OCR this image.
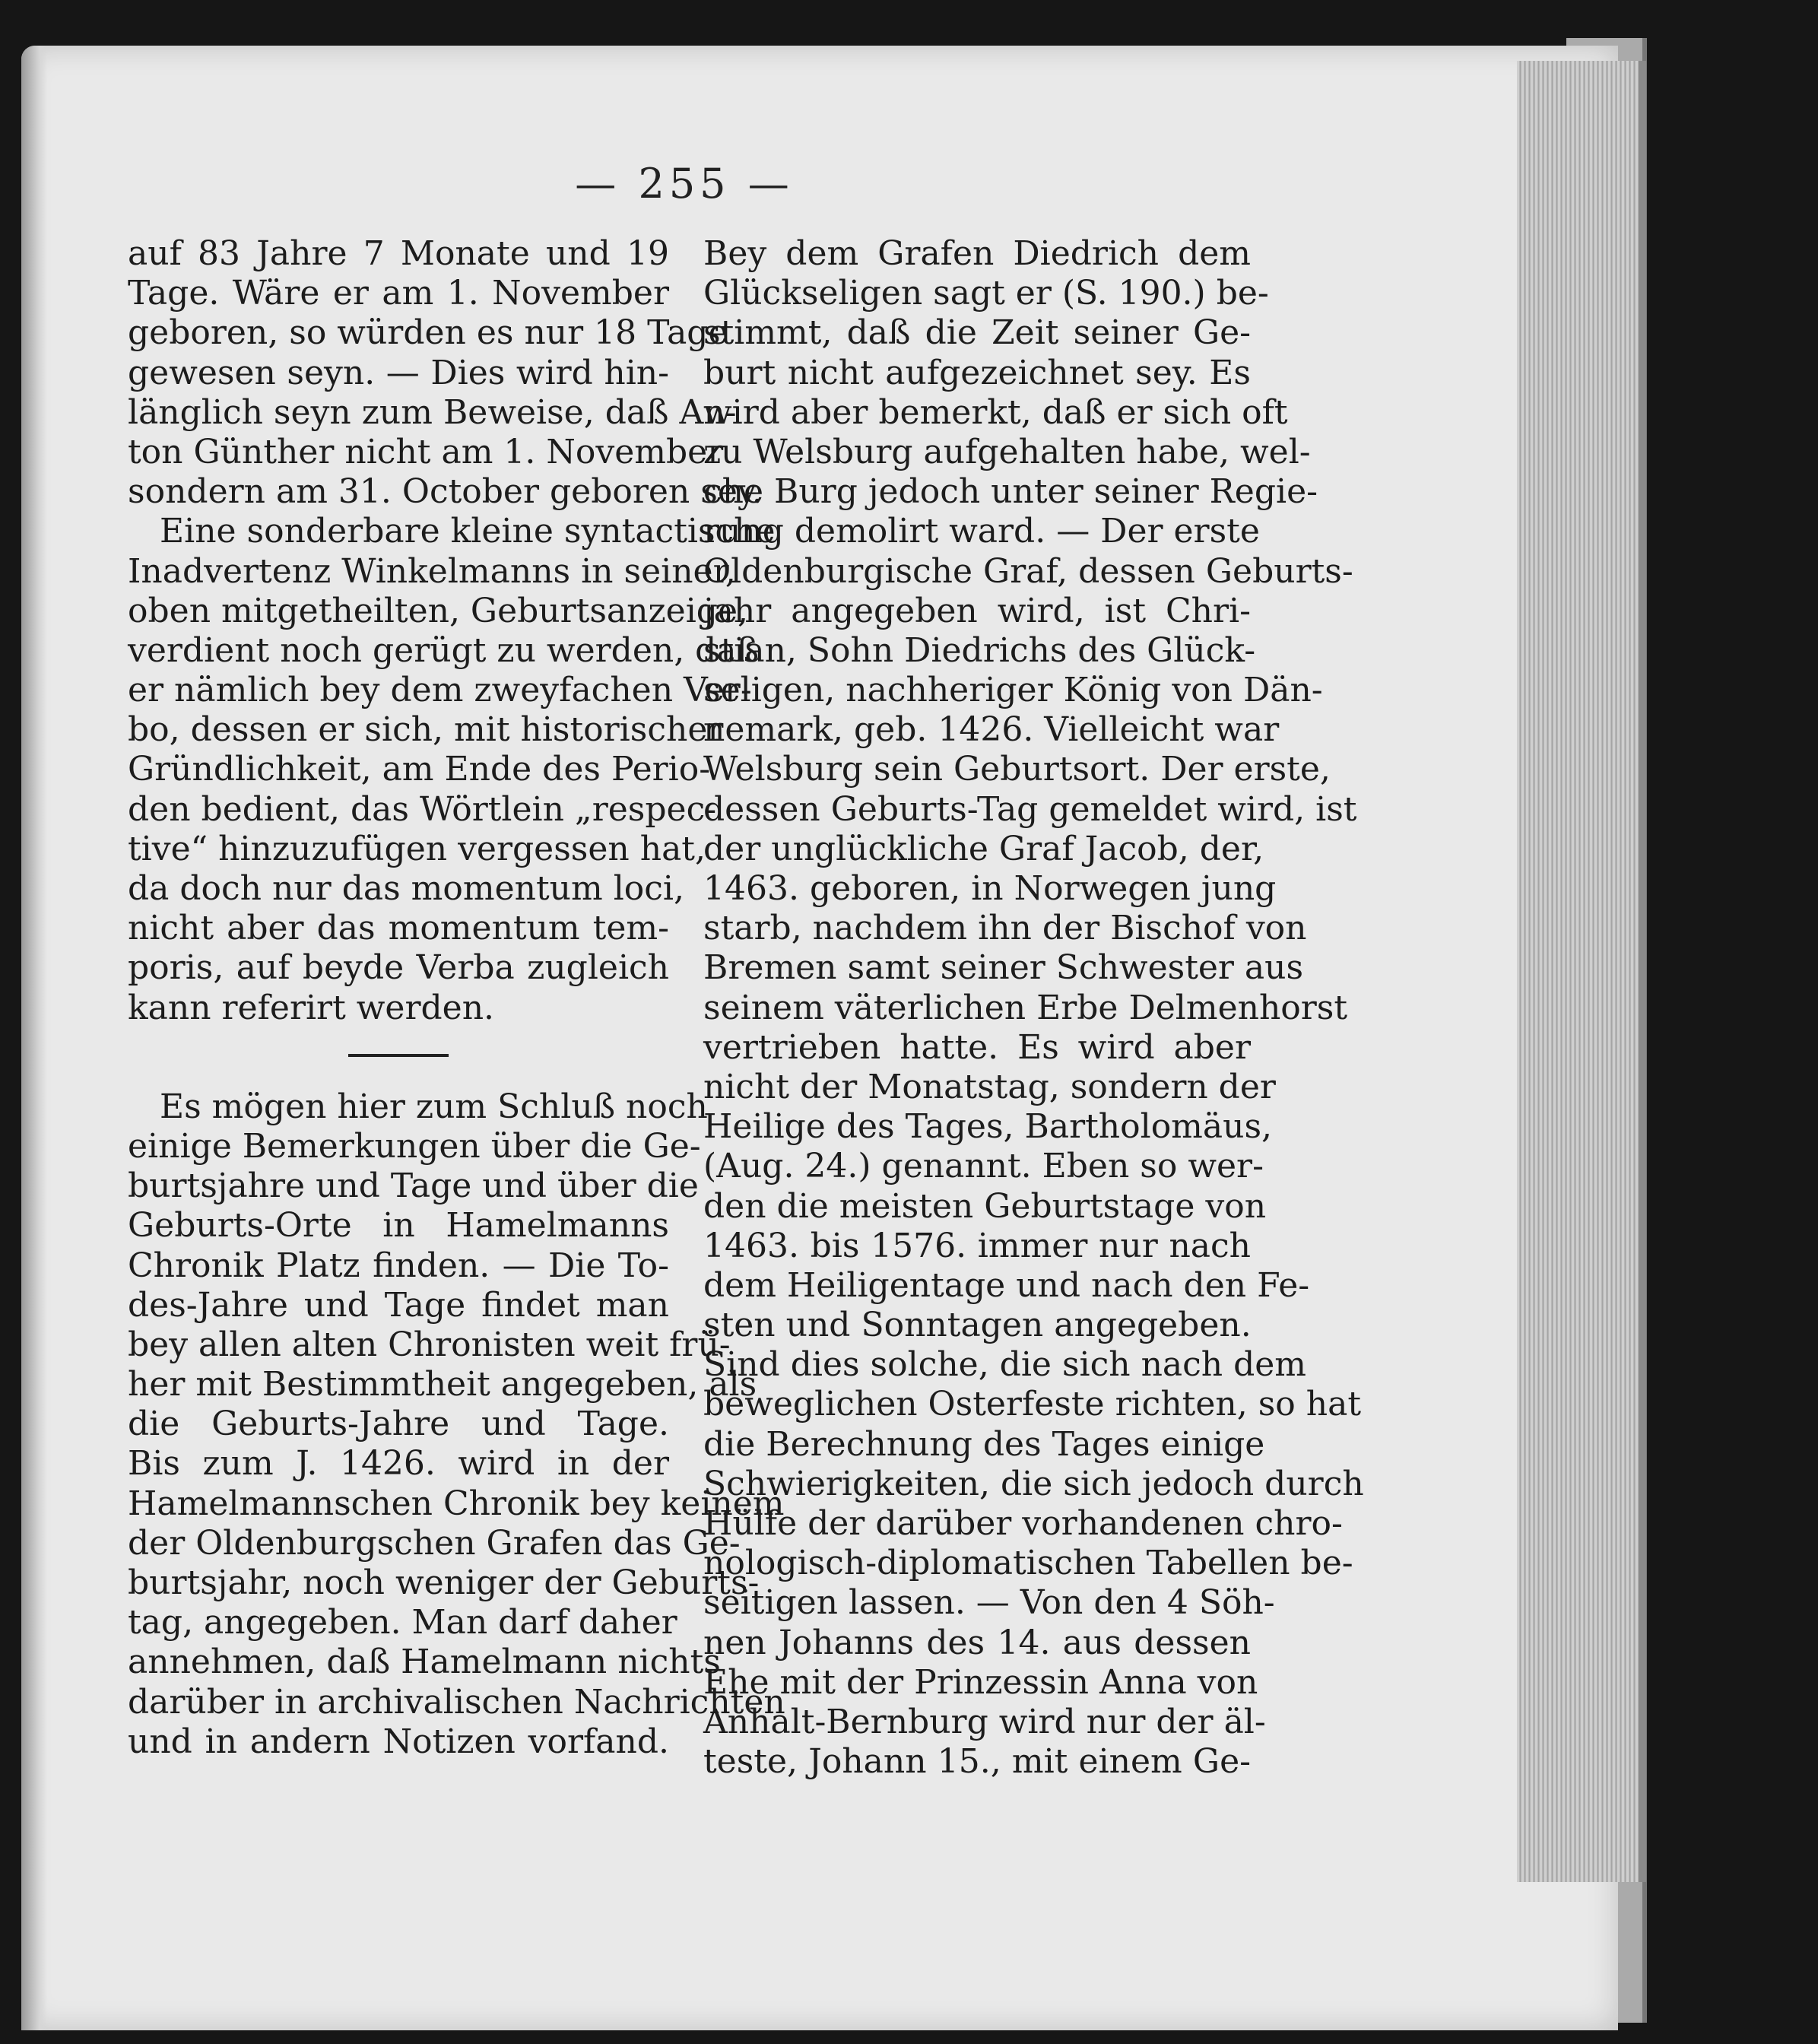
— 255 —
auf 83 Jahre 7 Monate und 19
Tage. Wäre er am 1. November
geboren, so würden es nur 18 Tage
gewesen seyn. — Dies wird hin-
länglich seyn zum Beweise, daß An-
ton Günther nicht am 1. November
sondern am 31. October geboren sey.
Eine sonderbare kleine syntactische
Inadvertenz Winkelmanns in seiner,
oben mitgetheilten, Geburtsanzeige,
verdient noch gerügt zu werden, daß
er nämlich bey dem zweyfachen Ver-
bo, dessen er sich, mit historischer
Gründlichkeit, am Ende des Perio-
den bedient, das Wörtlein „respec-
tive“ hinzuzufügen vergessen hat,
da doch nur das momentum loci,
nicht aber das momentum tem-
poris, auf beyde Verba zugleich
kann referirt werden.
Es mögen hier zum Schluß noch
einige Bemerkungen über die Ge-
burtsjahre und Tage und über die
Geburts-Orte in Hamelmanns
Chronik Platz finden. — Die To-
des-Jahre und Tage findet man
bey allen alten Chronisten weit frü-
her mit Bestimmtheit angegeben, als
die Geburts-Jahre und Tage.
Bis zum J. 1426. wird in der
Hamelmannschen Chronik bey keinem
der Oldenburgschen Grafen das Ge-
burtsjahr, noch weniger der Geburts-
tag, angegeben. Man darf daher
annehmen, daß Hamelmann nichts
darüber in archivalischen Nachrichten
und in andern Notizen vorfand.
Bey dem Grafen Diedrich dem
Glückseligen sagt er (S. 190.) be-
stimmt, daß die Zeit seiner Ge-
burt nicht aufgezeichnet sey. Es
wird aber bemerkt, daß er sich oft
zu Welsburg aufgehalten habe, wel-
che Burg jedoch unter seiner Regie-
rung demolirt ward. — Der erste
Oldenburgische Graf, dessen Geburts-
jahr angegeben wird, ist Chri-
stian, Sohn Diedrichs des Glück-
seligen, nachheriger König von Dän-
nemark, geb. 1426. Vielleicht war
Welsburg sein Geburtsort. Der erste,
dessen Geburts-Tag gemeldet wird, ist
der unglückliche Graf Jacob, der,
1463. geboren, in Norwegen jung
starb, nachdem ihn der Bischof von
Bremen samt seiner Schwester aus
seinem väterlichen Erbe Delmenhorst
vertrieben hatte. Es wird aber
nicht der Monatstag, sondern der
Heilige des Tages, Bartholomäus,
(Aug. 24.) genannt. Eben so wer-
den die meisten Geburtstage von
1463. bis 1576. immer nur nach
dem Heiligentage und nach den Fe-
sten und Sonntagen angegeben.
Sind dies solche, die sich nach dem
beweglichen Osterfeste richten, so hat
die Berechnung des Tages einige
Schwierigkeiten, die sich jedoch durch
Hülfe der darüber vorhandenen chro-
nologisch-diplomatischen Tabellen be-
seitigen lassen. — Von den 4 Söh-
nen Johanns des 14. aus dessen
Ehe mit der Prinzessin Anna von
Anhalt-Bernburg wird nur der äl-
teste, Johann 15., mit einem Ge-
